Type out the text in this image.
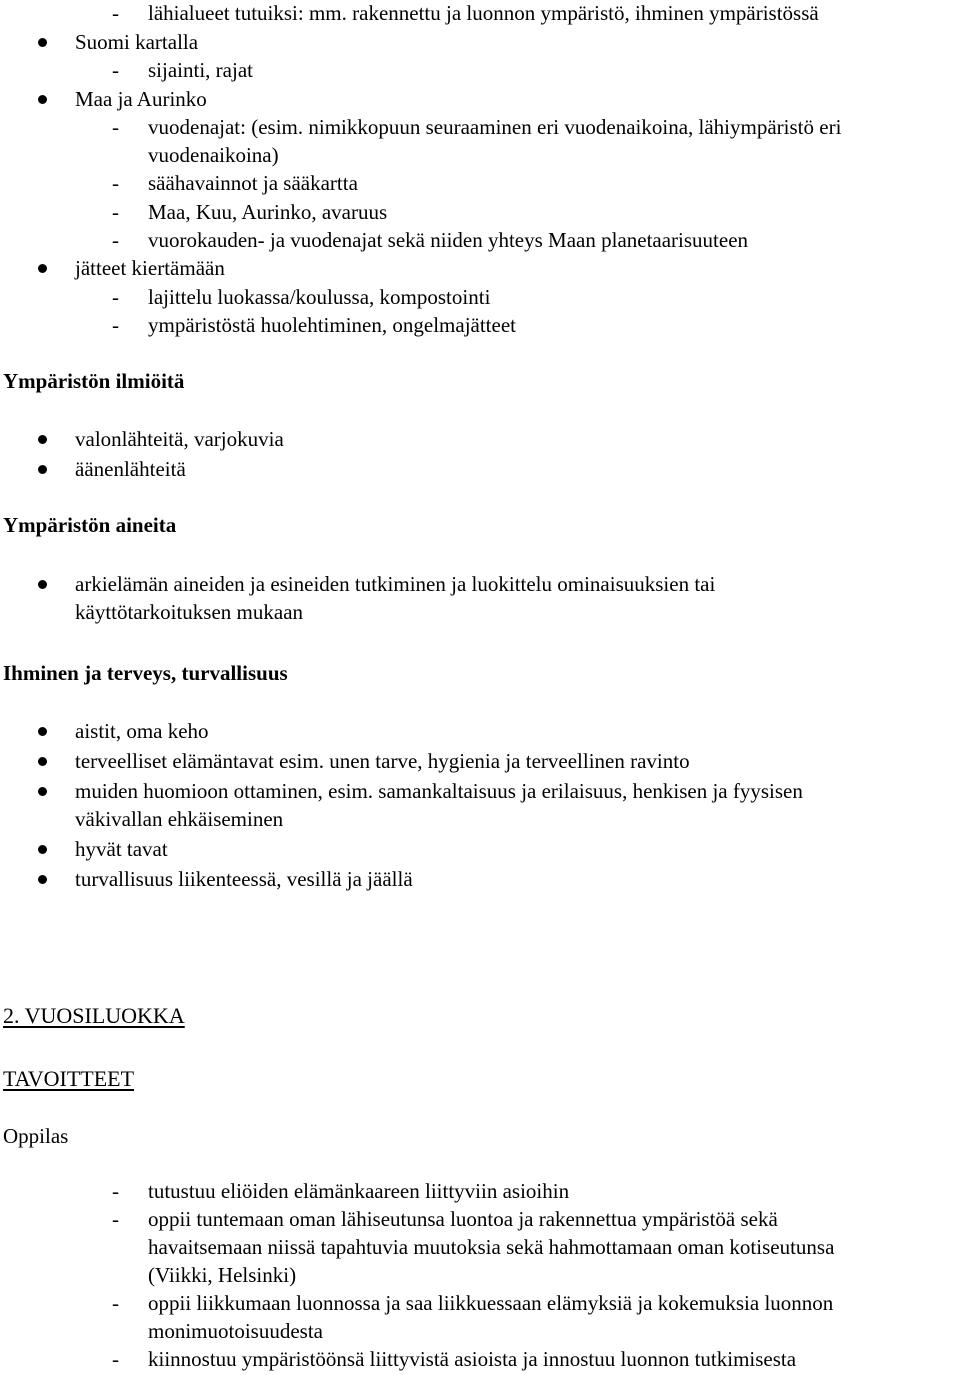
- lähialueet tutuiksi: mm. rakennettu ja luonnon ympäristö, ihminen ympäristössä
Suomi kartalla
- sijainti, rajat
Maa ja Aurinko
- vuodenajat: (esim. nimikkopuun seuraaminen eri vuodenaikoina, lähiympäristö eri
vuodenaikoina)
- säähavainnot ja sääkartta
- Maa, Kuu, Aurinko, avaruus
- vuorokauden- ja vuodenajat sekä niiden yhteys Maan planetaarisuuteen
jätteet kiertämään
- lajittelu luokassa/koulussa, kompostointi
- ympäristöstä huolehtiminen, ongelmajätteet
Ympäristön ilmiöitä
valonlähteitä, varjokuvia
äänenlähteitä
Ympäristön aineita
arkielämän aineiden ja esineiden tutkiminen ja luokittelu ominaisuuksien tai
käyttötarkoituksen mukaan
Ihminen ja terveys, turvallisuus
aistit, oma keho
terveelliset elämäntavat esim. unen tarve, hygienia ja terveellinen ravinto
muiden huomioon ottaminen, esim. samankaltaisuus ja erilaisuus, henkisen ja fyysisen
väkivallan ehkäiseminen
hyvät tavat
turvallisuus liikenteessä, vesillä ja jäällä
2. VUOSILUOKKA
TAVOITTEET
Oppilas
- tutustuu eliöiden elämänkaareen liittyviin asioihin
- oppii tuntemaan oman lähiseutunsa luontoa ja rakennettua ympäristöä sekä
havaitsemaan niissä tapahtuvia muutoksia sekä hahmottamaan oman kotiseutunsa
(Viikki, Helsinki)
- oppii liikkumaan luonnossa ja saa liikkuessaan elämyksiä ja kokemuksia luonnon
monimuotoisuudesta
- kiinnostuu ympäristöönsä liittyvistä asioista ja innostuu luonnon tutkimisesta
